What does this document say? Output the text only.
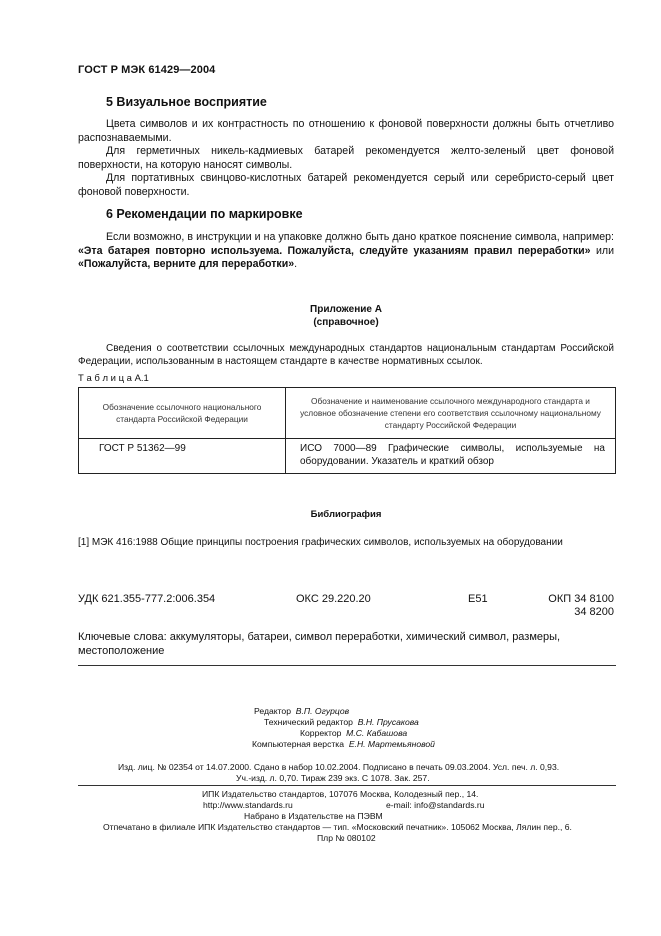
ГОСТ Р МЭК 61429—2004
5 Визуальное восприятие
Цвета символов и их контрастность по отношению к фоновой поверхности должны быть отчетливо распознаваемыми.
Для герметичных никель-кадмиевых батарей рекомендуется желто-зеленый цвет фоновой поверхности, на которую наносят символы.
Для портативных свинцово-кислотных батарей рекомендуется серый или серебристо-серый цвет фоновой поверхности.
6 Рекомендации по маркировке
Если возможно, в инструкции и на упаковке должно быть дано краткое пояснение символа, например: «Эта батарея повторно используема. Пожалуйста, следуйте указаниям правил переработки» или «Пожалуйста, верните для переработки».
Приложение А
(справочное)
Сведения о соответствии ссылочных международных стандартов национальным стандартам Российской Федерации, использованным в настоящем стандарте в качестве нормативных ссылок.
Т а б л и ц а А.1
Обозначение ссылочного национального стандарта Российской Федерации	Обозначение и наименование ссылочного международного стандарта и условное обозначение степени его соответствия ссылочному национальному стандарту Российской Федерации
ГОСТ Р 51362—99	ИСО 7000—89 Графические символы, используемые на оборудовании. Указатель и краткий обзор
Библиография
[1] МЭК 416:1988 Общие принципы построения графических символов, используемых на оборудовании
УДК 621.355-777.2:006.354	ОКС 29.220.20	Е51	ОКП 34 8100
34 8200
Ключевые слова: аккумуляторы, батареи, символ переработки, химический символ, размеры, местоположение
Редактор В.П. Огурцов
Технический редактор В.Н. Прусакова
Корректор М.С. Кабашова
Компьютерная верстка Е.Н. Мартемьяновой
Изд. лиц. № 02354 от 14.07.2000. Сдано в набор 10.02.2004. Подписано в печать 09.03.2004. Усл. печ. л. 0,93.
Уч.-изд. л. 0,70. Тираж 239 экз. С 1078. Зак. 257.
ИПК Издательство стандартов, 107076 Москва, Колодезный пер., 14.
http://www.standards.ru	e-mail: info@standards.ru
Набрано в Издательстве на ПЭВМ
Отпечатано в филиале ИПК Издательство стандартов — тип. «Московский печатник». 105062 Москва, Лялин пер., 6.
Плр № 080102
